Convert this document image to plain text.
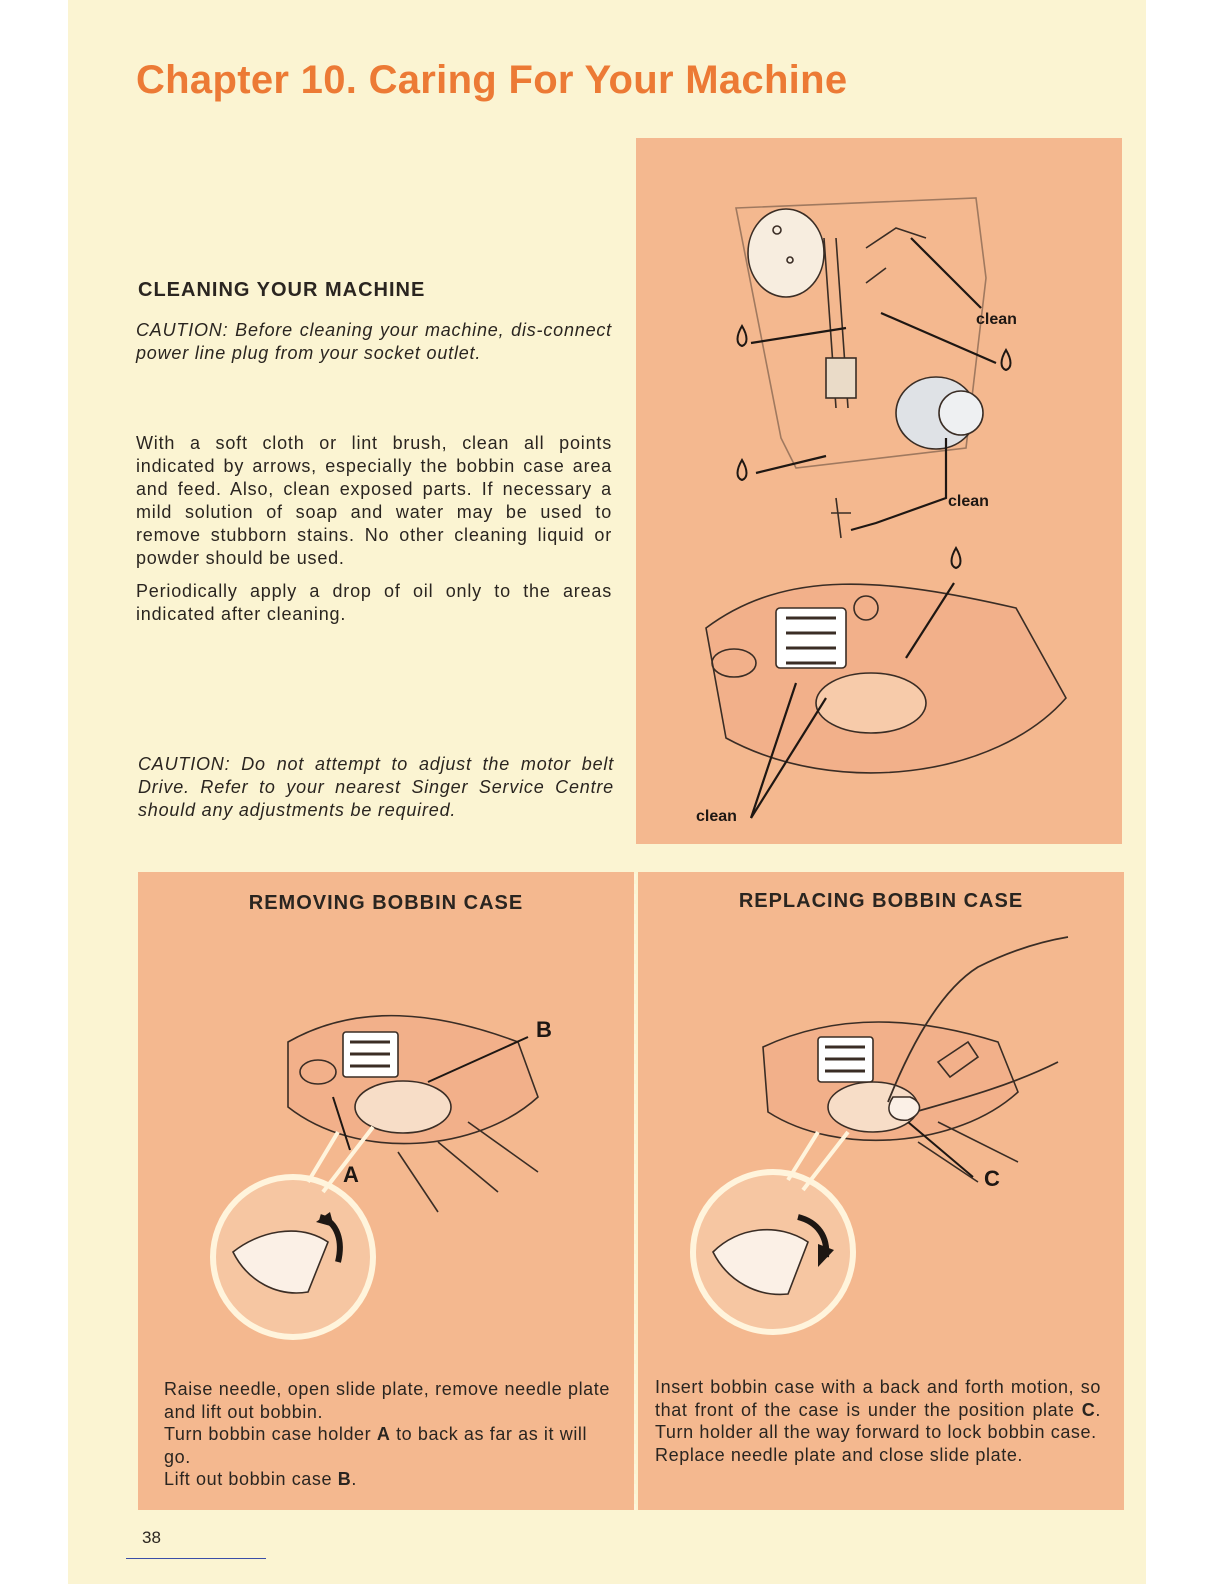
Chapter 10. Caring For Your Machine
CLEANING YOUR MACHINE
CAUTION: Before cleaning your machine, dis-connect power line plug from your socket outlet.

With a soft cloth or lint brush, clean all points indicated by arrows, especially the bobbin case area and feed. Also, clean exposed parts. If necessary a mild solution of soap and water may be used to remove stubborn stains. No other cleaning liquid or powder should be used.

Periodically apply a drop of oil only to the areas indicated after cleaning.

CAUTION: Do not attempt to adjust the motor belt Drive. Refer to your nearest Singer Service Centre should any adjustments be required.
clean
clean
clean
REMOVING BOBBIN CASE
A
B
Raise needle, open slide plate, remove needle plate and lift out bobbin.
Turn bobbin case holder A to back as far as it will go.
Lift out bobbin case B.
REPLACING BOBBIN CASE
C
Insert bobbin case with a back and forth motion, so that front of the case is under the position plate C. Turn holder all the way forward to lock bobbin case.
Replace needle plate and close slide plate.
38
